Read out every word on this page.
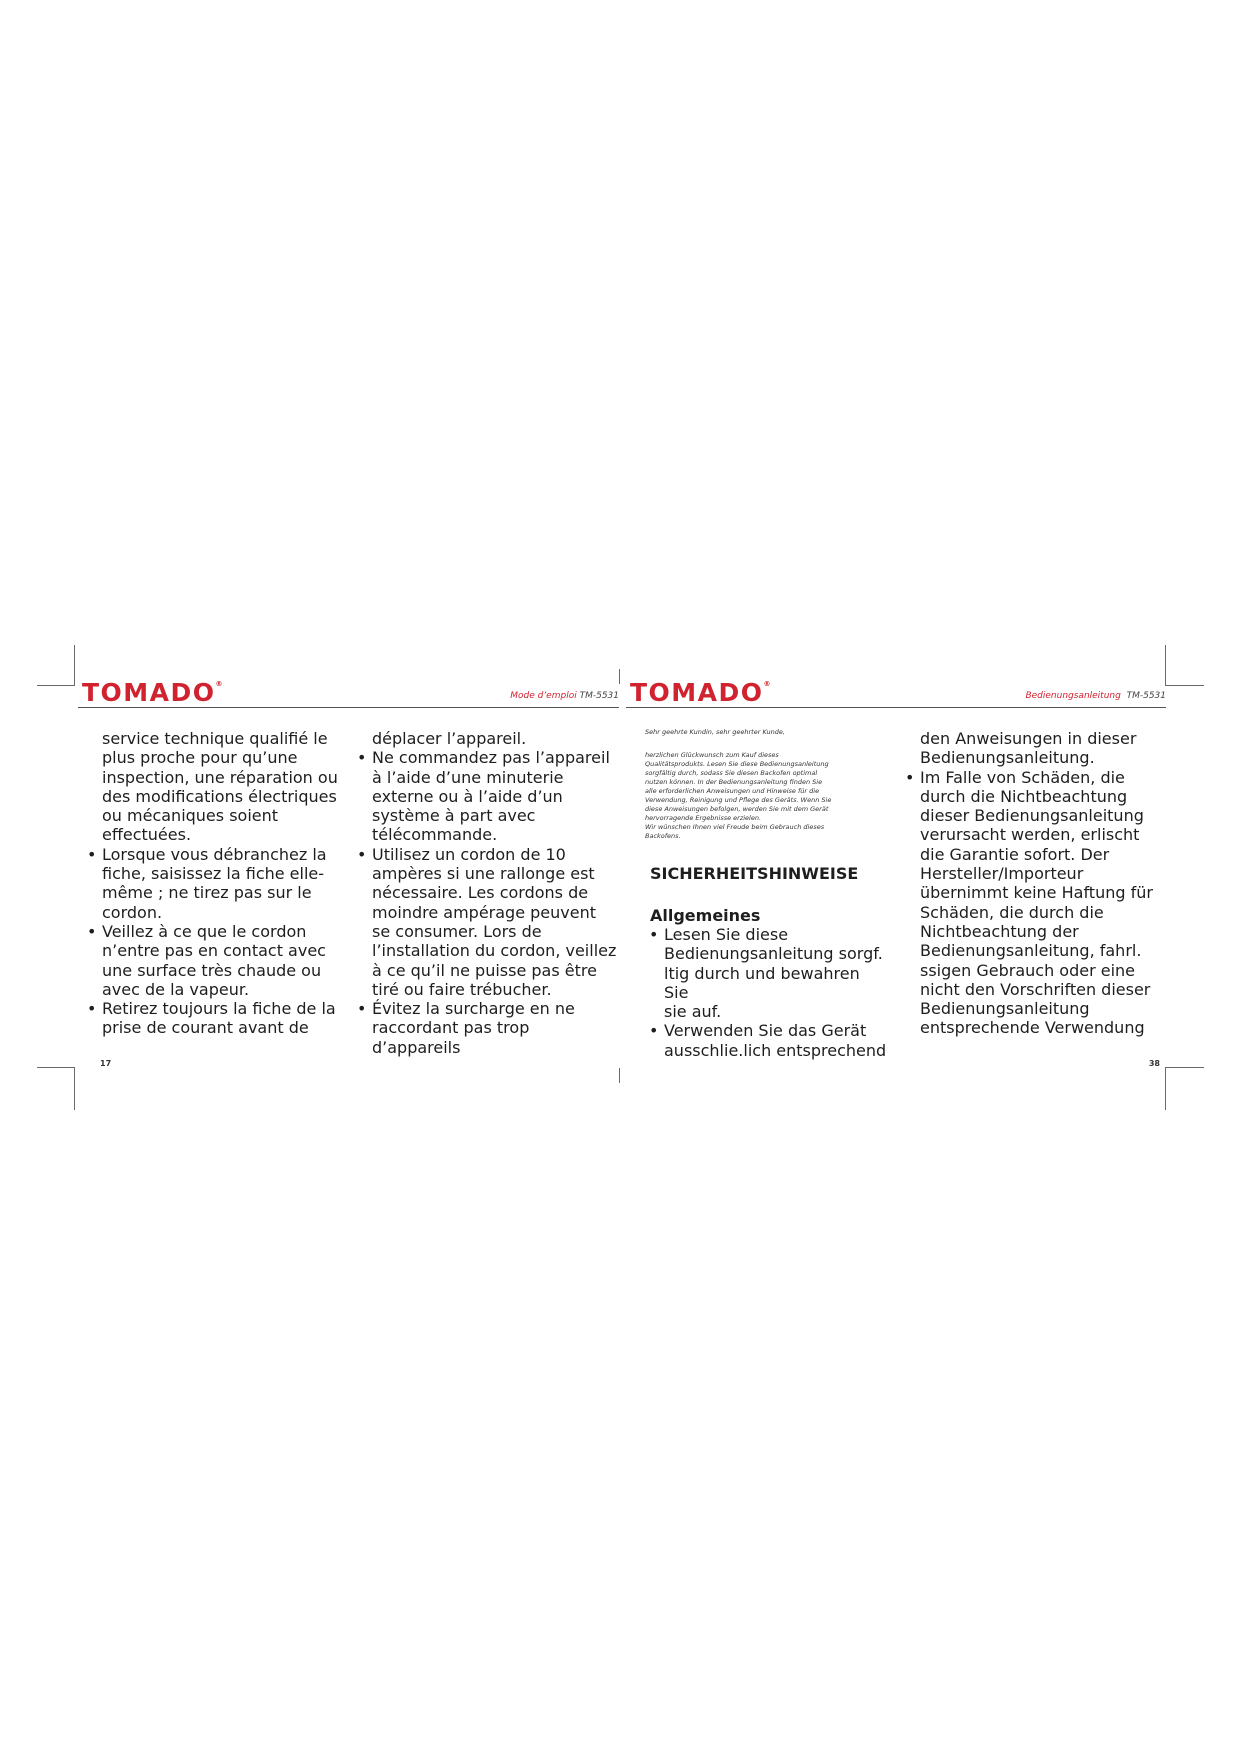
TOMADO®
Mode d’emploi TM-5531

service technique qualifié le
plus proche pour qu’une
inspection, une réparation ou
des modifications électriques
ou mécaniques soient
effectuées.

• Lorsque vous débranchez la
fiche, saisissez la fiche elle-
même ; ne tirez pas sur le
cordon.
• Veillez à ce que le cordon
n’entre pas en contact avec
une surface très chaude ou
avec de la vapeur.
• Retirez toujours la fiche de la
prise de courant avant de

déplacer l’appareil.

• Ne commandez pas l’appareil
à l’aide d’une minuterie
externe ou à l’aide d’un
système à part avec
télécommande.
• Utilisez un cordon de 10
ampères si une rallonge est
nécessaire. Les cordons de
moindre ampérage peuvent
se consumer. Lors de
l’installation du cordon, veillez
à ce qu’il ne puisse pas être
tiré ou faire trébucher.
• Évitez la surcharge en ne
raccordant pas trop d’appareils
17
TOMADO®
Bedienungsanleitung TM-5531

Sehr geehrte Kundin, sehr geehrter Kunde,

herzlichen Glückwunsch zum Kauf dieses
Qualitätsprodukts. Lesen Sie diese Bedienungsanleitung
sorgfältig durch, sodass Sie diesen Backofen optimal
nutzen können. In der Bedienungsanleitung finden Sie
alle erforderlichen Anweisungen und Hinweise für die
Verwendung, Reinigung und Pflege des Geräts. Wenn Sie
diese Anweisungen befolgen, werden Sie mit dem Gerät
hervorragende Ergebnisse erzielen.
Wir wünschen Ihnen viel Freude beim Gebrauch dieses
Backofens.

SICHERHEITSHINWEISE
Allgemeines
• Lesen Sie diese
Bedienungsanleitung sorgf.
ltig durch und bewahren Sie
sie auf.
• Verwenden Sie das Gerät
ausschlie.lich entsprechend

den Anweisungen in dieser
Bedienungsanleitung.

• Im Falle von Schäden, die
durch die Nichtbeachtung
dieser Bedienungsanleitung
verursacht werden, erlischt
die Garantie sofort. Der
Hersteller/Importeur
übernimmt keine Haftung für
Schäden, die durch die
Nichtbeachtung der
Bedienungsanleitung, fahrl.
ssigen Gebrauch oder eine
nicht den Vorschriften dieser
Bedienungsanleitung
entsprechende Verwendung
38
